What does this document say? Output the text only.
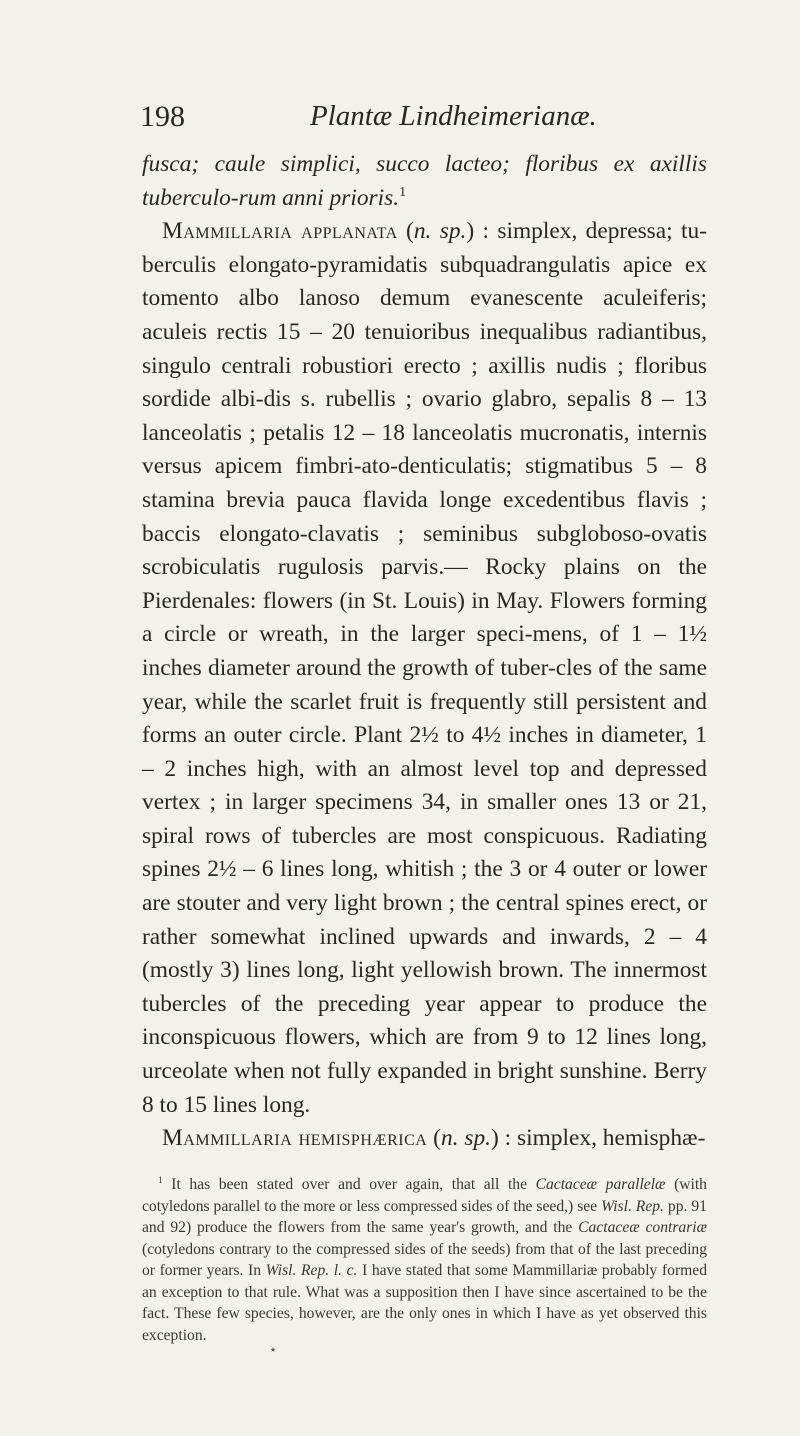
198	Plantæ Lindheimerianæ.

fusca; caule simplici, succo lacteo; floribus ex axillis tuberculo-rum anni prioris.$^1$

Mammillaria applanata (n. sp.) : simplex, depressa; tu-berculis elongato-pyramidatis subquadrangulatis apice ex tomento albo lanoso demum evanescente aculeiferis; aculeis rectis 15 – 20 tenuioribus inequalibus radiantibus, singulo centrali robustiori erecto ; axillis nudis ; floribus sordide albi-dis s. rubellis ; ovario glabro, sepalis 8 – 13 lanceolatis ; petalis 12 – 18 lanceolatis mucronatis, internis versus apicem fimbri-ato-denticulatis; stigmatibus 5 – 8 stamina brevia pauca flavida longe excedentibus flavis ; baccis elongato-clavatis ; seminibus subgloboso-ovatis scrobiculatis rugulosis parvis.— Rocky plains on the Pierdenales: flowers (in St. Louis) in May. Flowers forming a circle or wreath, in the larger speci-mens, of 1 – 1½ inches diameter around the growth of tuber-cles of the same year, while the scarlet fruit is frequently still persistent and forms an outer circle. Plant 2½ to 4½ inches in diameter, 1 – 2 inches high, with an almost level top and depressed vertex ; in larger specimens 34, in smaller ones 13 or 21, spiral rows of tubercles are most conspicuous. Radiating spines 2½ – 6 lines long, whitish ; the 3 or 4 outer or lower are stouter and very light brown ; the central spines erect, or rather somewhat inclined upwards and inwards, 2 – 4 (mostly 3) lines long, light yellowish brown. The innermost tubercles of the preceding year appear to produce the inconspicuous flowers, which are from 9 to 12 lines long, urceolate when not fully expanded in bright sunshine. Berry 8 to 15 lines long.

Mammillaria hemisphærica (n. sp.) : simplex, hemisphæ-

$^1$ It has been stated over and over again, that all the Cactaceæ parallelæ (with cotyledons parallel to the more or less compressed sides of the seed,) see Wisl. Rep. pp. 91 and 92) produce the flowers from the same year's growth, and the Cactaceæ contrariæ (cotyledons contrary to the compressed sides of the seeds) from that of the last preceding or former years. In Wisl. Rep. l. c. I have stated that some Mammillariæ probably formed an exception to that rule. What was a supposition then I have since ascertained to be the fact. These few species, however, are the only ones in which I have as yet observed this exception.

٭
